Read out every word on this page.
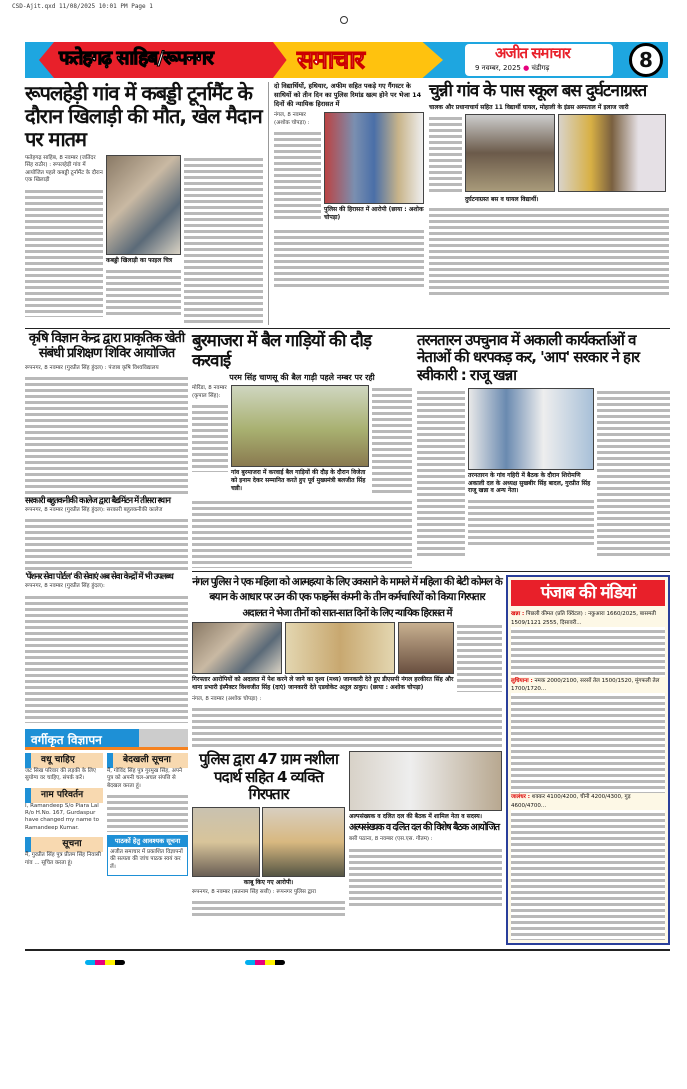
CSD-Ajit.qxd 11/08/2025 10:01 PM Page 1
फतेहगढ़ साहिब/रूपनगर	समाचार	अजीत समाचार
9 नवम्बर, 2025 ● चंडीगढ़	8
रूपलहेड़ी गांव में कबड्डी टूर्नामैंट के दौरान खिलाड़ी की मौत, खेल मैदान पर मातम
फतेहगढ़ साहिब, 8 नवम्बर (जतिंदर सिंह राठौर) : रूपलहेड़ी गांव में आयोजित पहले कबड्डी टूर्नामैंट के दौरान एक खिलाड़ी
कबड्डी खिलाड़ी का फाइल चित्र
दो विद्यार्थियों, हथियार, अफीम सहित पकड़े गए गैंगस्टर के साथियों को तीन दिन का पुलिस रिमांड खत्म होने पर भेजा 14 दिनों की न्यायिक हिरासत में
नंगल, 8 नवम्बर (अशोक चोपड़ा) :
पुलिस की हिरासत में आरोपी (छाया : अशोक चोपड़ा)
चुन्नी गांव के पास स्कूल बस दुर्घटनाग्रस्त
चालक और प्रधानाचार्य सहित 11 विद्यार्थी घायल, मोहाली के इंडस अस्पताल में इलाज जारी
दुर्घटनाग्रस्त बस व घायल विद्यार्थी।
कृषि विज्ञान केन्द्र द्वारा प्राकृतिक खेती संबंधी प्रशिक्षण शिविर आयोजित
रूपनगर, 8 नवम्बर (गुरप्रीत सिंह हुंदल) : पंजाब कृषि विश्वविद्यालय
सरकारी बहुतकनीकी कालेज द्वारा बैडमिंटन में तीसरा स्थान
रूपनगर, 8 नवम्बर (गुरप्रीत सिंह हुंदल): सरकारी बहुतकनीकी कालेज
'पेंशनर सेवा पोर्टल' की सेवाएं अब सेवा केन्द्रों में भी उपलब्ध
रूपनगर, 8 नवम्बर (गुरप्रीत सिंह हुंदल):
वर्गीकृत विज्ञापन
वधू चाहिए
जट सिख परिवार की लड़की के लिए सुयोग्य वर चाहिए, संपर्क करें।
नाम परिवर्तन
I, Ramandeep S/o Piara Lal R/o H.No. 167, Gurdaspur have changed my name to Ramandeep Kumar.
सूचना
मैं, गुरप्रीत सिंह पुत्र प्रीतम सिंह निवासी गांव ... सूचित करता हूं।
बेदखली सूचना
मैं, गोविंद सिंह पुत्र गुरमुख सिंह, अपने पुत्र को अपनी चल-अचल संपत्ति से बेदखल करता हूं।
पाठकों हेतु आवश्यक सूचना
अजीत समाचार में प्रकाशित विज्ञापनों की सत्यता की जांच पाठक स्वयं कर लें।
बुरमाजरा में बैल गाड़ियों की दौड़ करवाई
परम सिंह चाणसू की बैल गाड़ी पहले नम्बर पर रही
मोरिंडा, 8 नवम्बर (कृपाल सिंह):
गांव बुरमाजरा में करवाई बैल गाड़ियों की दौड़ के दौरान विजेता को इनाम देकर सम्मानित करते हुए पूर्व मुख्यमंत्री बलजीत सिंह चन्नी।
तरनतारन उपचुनाव में अकाली कार्यकर्ताओं व नेताओं की धरपकड़ कर, 'आप' सरकार ने हार स्वीकारी : राजू खन्ना
तरनतारन के गांव गहिरी में बैठक के दौरान शिरोमणि अकाली दल के अध्यक्ष सुखबीर सिंह बादल, गुरप्रीत सिंह राजू खन्ना व अन्य नेता।
नंगल पुलिस ने एक महिला को आत्महत्या के लिए उकसाने के मामले में महिला की बेटी कोमल के बयान के आधार पर उन की एक फाइनेंस कंपनी के तीन कर्मचारियों को किया गिरफ्तार
अदालत ने भेजा तीनों को सात-सात दिनों के लिए न्यायिक हिरासत में
गिरफ्तार आरोपियों को अदालत में पेश करने ले जाने का दृश्य (मध्य) जानकारी देते हुए डीएसपी नंगल हरकीरत सिंह और थाना प्रभारी इंस्पैक्टर विश्वजीत सिंह (दाएं) जानकारी देते एडवोकेट अतुल ठाकुर। (छाया : अशोक चोपड़ा)
नंगल, 8 नवम्बर (अशोक चोपड़ा) :
पुलिस द्वारा 47 ग्राम नशीला पदार्थ सहित 4 व्यक्ति गिरफ्तार
काबू किए गए आरोपी।
रूपनगर, 8 नवम्बर (सतनाम सिंह सत्ती) : रूपनगर पुलिस द्वारा
अल्पसंख्यक व दलित दल की बैठक में शामिल नेता व सदस्य।
अल्पसंख्यक व दलित दल की विशेष बैठक आयोजित
बसी पठाना, 8 नवम्बर (एस.एस. गौतम) :
पंजाब की मंडियां

खन्ना : पिछली कीमत (प्रति क्विंटल) : नकुआरा 1660/2025, बासमती 1509/1121 2555, दिसावरी...

लुधियाना : नमक 2000/2100, सरसों तेल 1500/1520, मूंगफली तेल 1700/1720...

जालंधर : शक्कर 4100/4200, चीनी 4200/4300, गुड़ 4600/4700...
